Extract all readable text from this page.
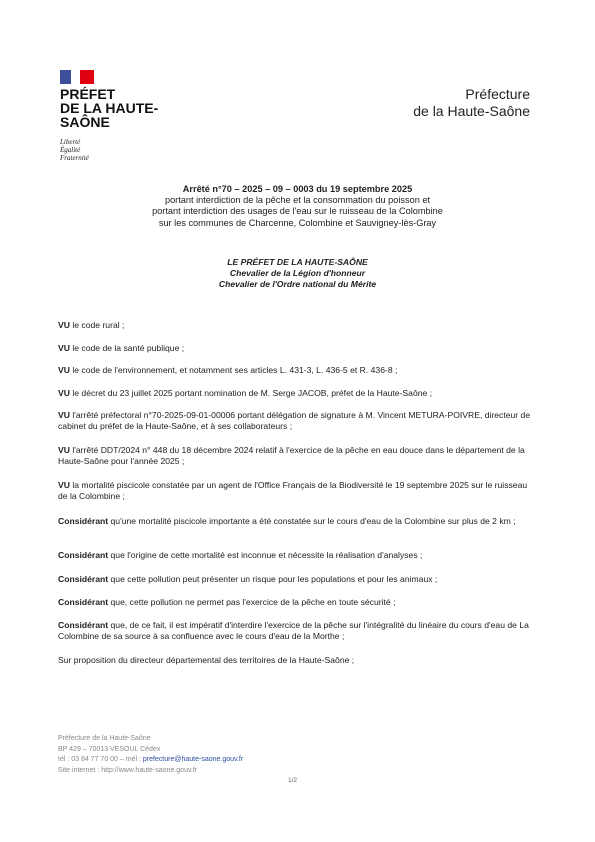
PRÉFET
DE LA HAUTE-
SAÔNE
Liberté
Égalité
Fraternité
Préfecture
de la Haute-Saône
Arrêté n°70 – 2025 – 09 – 0003 du 19 septembre 2025
portant interdiction de la pêche et la consommation du poisson et
portant interdiction des usages de l'eau sur le ruisseau de la Colombine
sur les communes de Charcenne, Colombine et Sauvigney-lès-Gray
LE PRÉFET DE LA HAUTE-SAÔNE
Chevalier de la Légion d'honneur
Chevalier de l'Ordre national du Mérite
VU le code rural ;
VU le code de la santé publique ;
VU le code de l'environnement, et notamment ses articles L. 431-3, L. 436-5 et R. 436-8 ;
VU le décret du 23 juillet 2025 portant nomination de M. Serge JACOB, préfet de la Haute-Saône ;
VU l'arrêté préfectoral n°70-2025-09-01-00006 portant délégation de signature à M. Vincent METURA-POIVRE, directeur de cabinet du préfet de la Haute-Saône, et à ses collaborateurs ;
VU l'arrêté DDT/2024 n° 448 du 18 décembre 2024 relatif à l'exercice de la pêche en eau douce dans le département de la Haute-Saône pour l'année 2025 ;
VU la mortalité piscicole constatée par un agent de l'Office Français de la Biodiversité le 19 septembre 2025 sur le ruisseau de la Colombine ;
Considérant qu'une mortalité piscicole importante a été constatée sur le cours d'eau de la Colombine sur plus de 2 km ;
Considérant que l'origine de cette mortalité est inconnue et nécessite la réalisation d'analyses ;
Considérant que cette pollution peut présenter un risque pour les populations et pour les animaux ;
Considérant que, cette pollution ne permet pas l'exercice de la pêche en toute sécurité ;
Considérant que, de ce fait, il est impératif d'interdire l'exercice de la pêche sur l'intégralité du linéaire du cours d'eau de La Colombine de sa source à sa confluence avec le cours d'eau de la Morthe ;
Sur proposition du directeur départemental des territoires de la Haute-Saône ;
Préfecture de la Haute-Saône
BP 429 – 70013 VESOUL Cédex
tél : 03 84 77 70 00 – mél : prefecture@haute-saone.gouv.fr
Site internet : http://www.haute-saone.gouv.fr
1/2
